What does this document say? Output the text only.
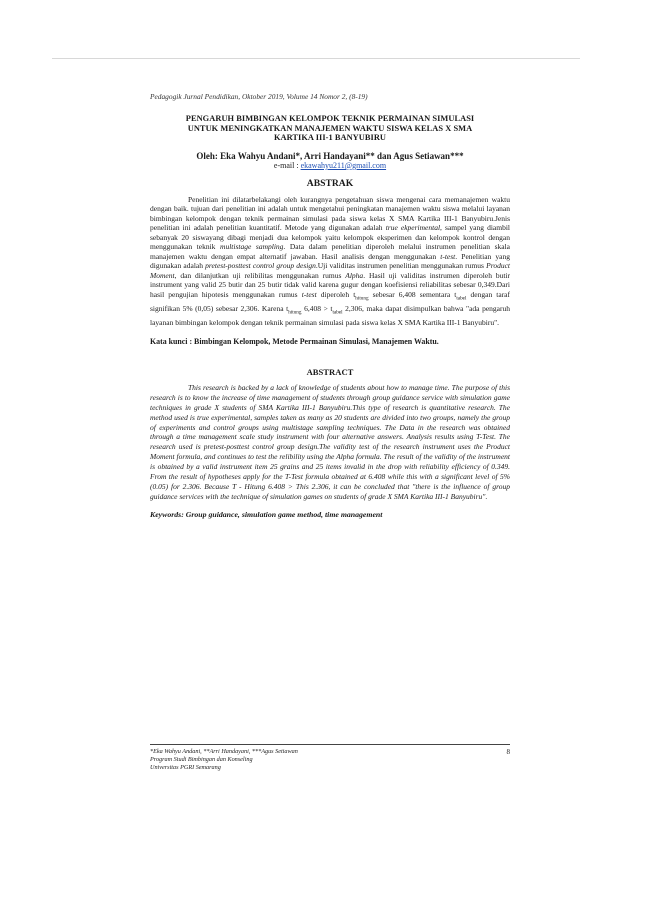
Pedagogik Jurnal Pendidikan, Oktober 2019, Volume 14 Nomor 2, (8-19)
PENGARUH BIMBINGAN KELOMPOK TEKNIK PERMAINAN SIMULASI
UNTUK MENINGKATKAN MANAJEMEN WAKTU SISWA KELAS X SMA
KARTIKA III-1 BANYUBIRU
Oleh: Eka Wahyu Andani*, Arri Handayani** dan Agus Setiawan***
e-mail : ekawahyu211@gmail.com
ABSTRAK

Penelitian ini dilatarbelakangi oleh kurangnya pengetahuan siswa mengenai cara memanajemen waktu dengan baik. tujuan dari penelitian ini adalah untuk mengetahui peningkatan manajemen waktu siswa melalui layanan bimbingan kelompok dengan teknik permainan simulasi pada siswa kelas X SMA Kartika III-1 Banyubiru.Jenis penelitian ini adalah penelitian kuantitatif. Metode yang digunakan adalah true ekperimental, sampel yang diambil sebanyak 20 siswayang dibagi menjadi dua kelompok yaitu kelompok eksperimen dan kelompok kontrol dengan menggunakan teknik multistage sampling. Data dalam penelitian diperoleh melalui instrumen penelitian skala manajemen waktu dengan empat alternatif jawaban. Hasil analisis dengan menggunakan t-test. Penelitian yang digunakan adalah pretest-posttest control group design.Uji validitas instrumen penelitian menggunakan rumus Product Moment, dan dilanjutkan uji relibilitas menggunakan rumus Alpha. Hasil uji validitas instrumen diperoleh butir instrument yang valid 25 butir dan 25 butir tidak valid karena gugur dengan koefisiensi reliabilitas sebesar 0,349.Dari hasil pengujian hipotesis menggunakan rumus t-test diperoleh $t_{hitung}$ sebesar 6,408 sementara $t_{tabel}$ dengan taraf signifikan 5% (0,05) sebesar 2,306. Karena $t_{hitung}$ $6,408 > t_{tabel}$ 2,306, maka dapat disimpulkan bahwa "ada pengaruh layanan bimbingan kelompok dengan teknik permainan simulasi pada siswa kelas X SMA Kartika III-1 Banyubiru".

Kata kunci : Bimbingan Kelompok, Metode Permainan Simulasi, Manajemen Waktu.
ABSTRACT

This research is backed by a lack of knowledge of students about how to manage time. The purpose of this research is to know the increase of time management of students through group guidance service with simulation game techniques in grade X students of SMA Kartika III-1 Banyubiru.This type of research is quantitative research. The method used is true experimental, samples taken as many as 20 students are divided into two groups, namely the group of experiments and control groups using multistage sampling techniques. The Data in the research was obtained through a time management scale study instrument with four alternative answers. Analysis results using T-Test. The research used is pretest-posttest control group design.The validity test of the research instrument uses the Product Moment formula, and continues to test the relibility using the Alpha formula. The result of the validity of the instrument is obtained by a valid instrument item 25 grains and 25 items invalid in the drop with reliability efficiency of 0.349. From the result of hypotheses apply for the T-Test formula obtained at 6.408 while this with a significant level of 5% (0.05) for 2.306. Because T - Hitung 6.408 > This 2.306, it can be concluded that "there is the influence of group guidance services with the technique of simulation games on students of grade X SMA Kartika III-1 Banyubiru".

Keywords: Group guidance, simulation game method, time management
8
*Eka Wahyu Andani, **Arri Handayani, ***Agus Setiawan
Program Studi Bimbingan dan Konseling
Universitas PGRI Semarang
